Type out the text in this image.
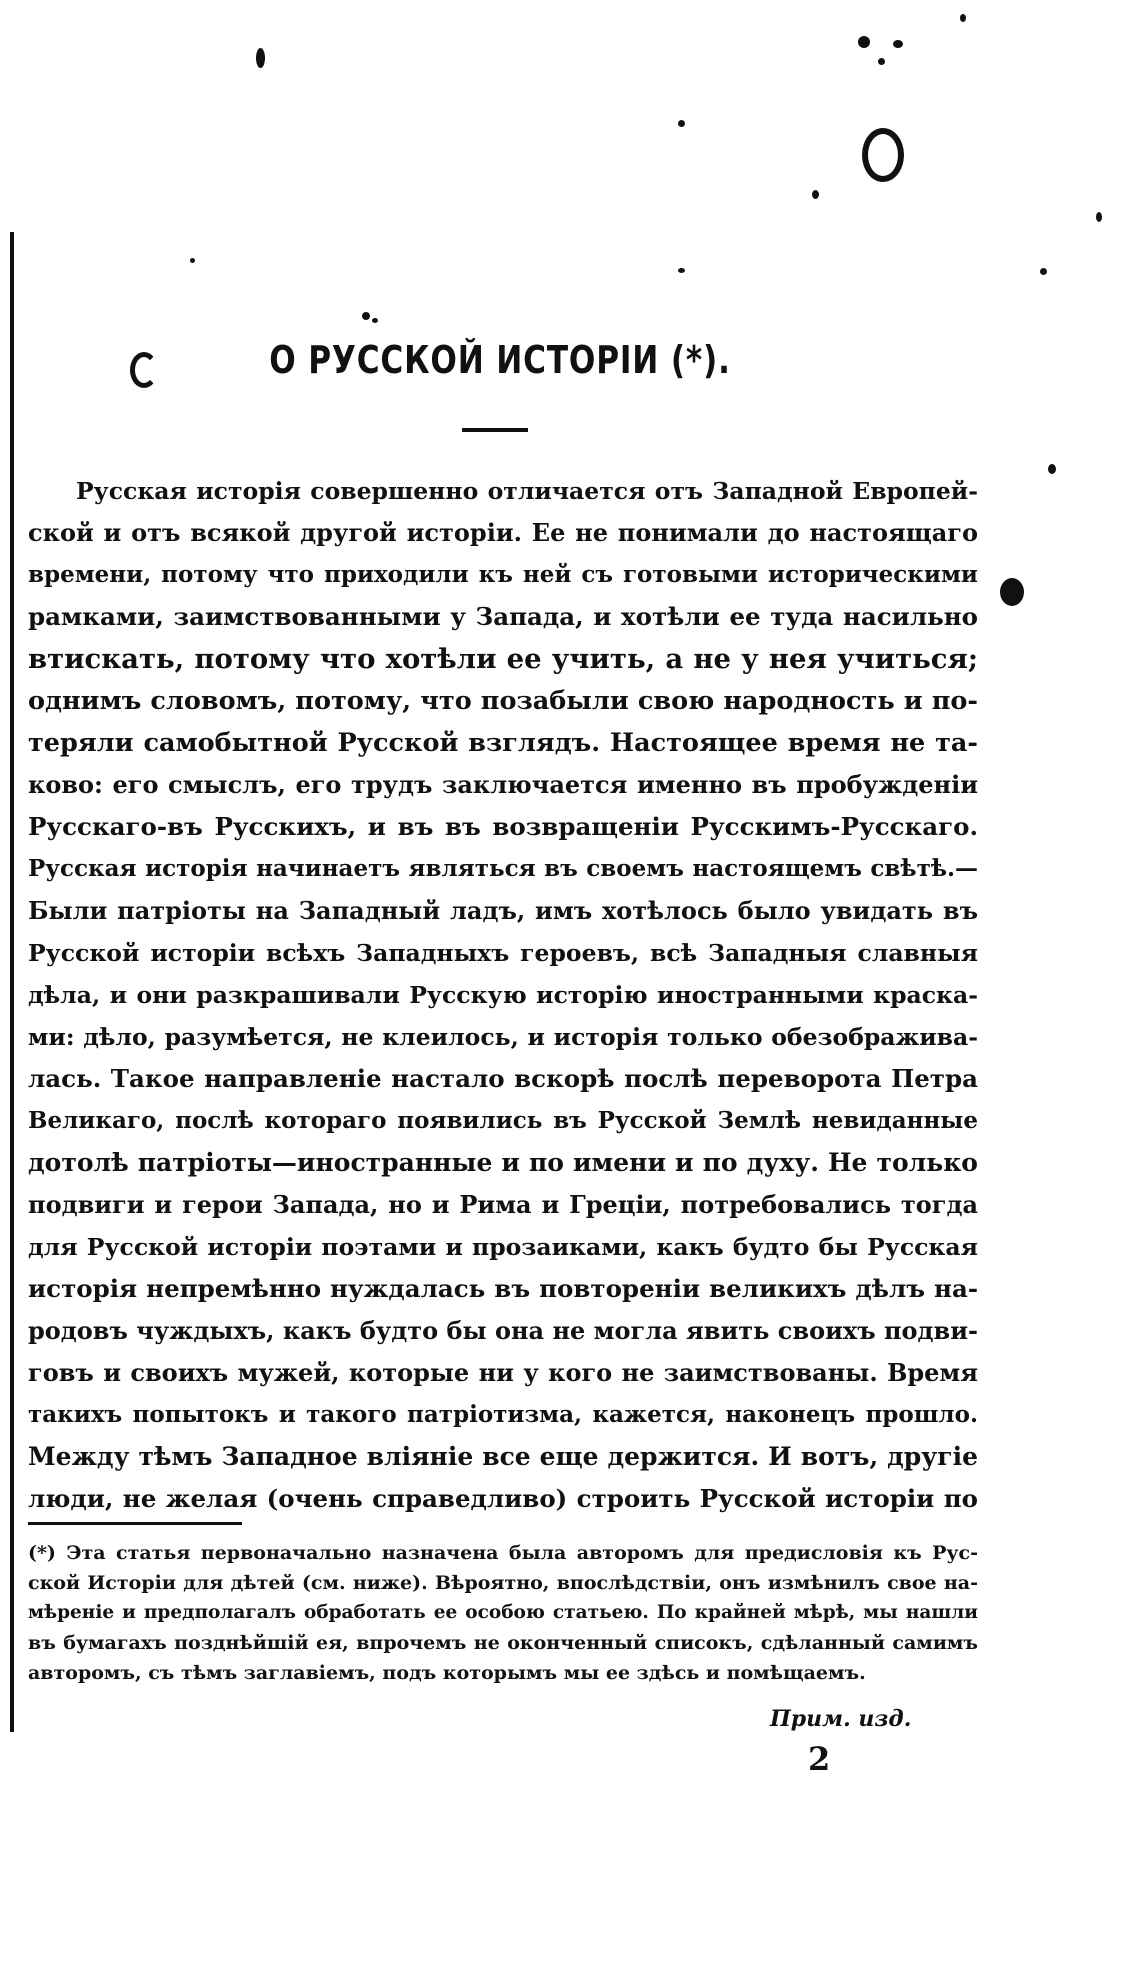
О РУССКОЙ ИСТОРІИ (*).
Русская исторія совершенно отличается отъ Западной Европей-
ской и отъ всякой другой исторіи. Ее не понимали до настоящаго
времени, потому что приходили къ ней съ готовыми историческими
рамками, заимствованными у Запада, и хотѣли ее туда насильно
втискать, потому что хотѣли ее учить, а не у нея учиться;
однимъ словомъ, потому, что позабыли свою народность и по-
теряли самобытной Русской взглядъ. Настоящее время не та-
ково: его смыслъ, его трудъ заключается именно въ пробужденіи
Русскаго-въ Русскихъ, и въ въ возвращеніи Русскимъ-Русскаго.
Русская исторія начинаетъ являться въ своемъ настоящемъ свѣтѣ.—
Были патріоты на Западный ладъ, имъ хотѣлось было увидать въ
Русской исторіи всѣхъ Западныхъ героевъ, всѣ Западныя славныя
дѣла, и они разкрашивали Русскую исторію иностранными краска-
ми: дѣло, разумѣется, не клеилось, и исторія только обезображива-
лась. Такое направленіе настало вскорѣ послѣ переворота Петра
Великаго, послѣ котораго появились въ Русской Землѣ невиданные
дотолѣ патріоты—иностранные и по имени и по духу. Не только
подвиги и герои Запада, но и Рима и Греціи, потребовались тогда
для Русской исторіи поэтами и прозаиками, какъ будто бы Русская
исторія непремѣнно нуждалась въ повтореніи великихъ дѣлъ на-
родовъ чуждыхъ, какъ будто бы она не могла явить своихъ подви-
говъ и своихъ мужей, которые ни у кого не заимствованы. Время
такихъ попытокъ и такого патріотизма, кажется, наконецъ прошло.
Между тѣмъ Западное вліяніе все еще держится. И вотъ, другіе
люди, не желая (очень справедливо) строить Русской исторіи по
(*) Эта статья первоначально назначена была авторомъ для предисловія къ Рус-
ской Исторіи для дѣтей (см. ниже). Вѣроятно, впослѣдствіи, онъ измѣнилъ свое на-
мѣреніе и предполагалъ обработать ее особою статьею. По крайней мѣрѣ, мы нашли
въ бумагахъ позднѣйшій ея, впрочемъ не оконченный списокъ, сдѣланный самимъ
авторомъ, съ тѣмъ заглавіемъ, подъ которымъ мы ее здѣсь и помѣщаемъ.
Прим. изд.
2
